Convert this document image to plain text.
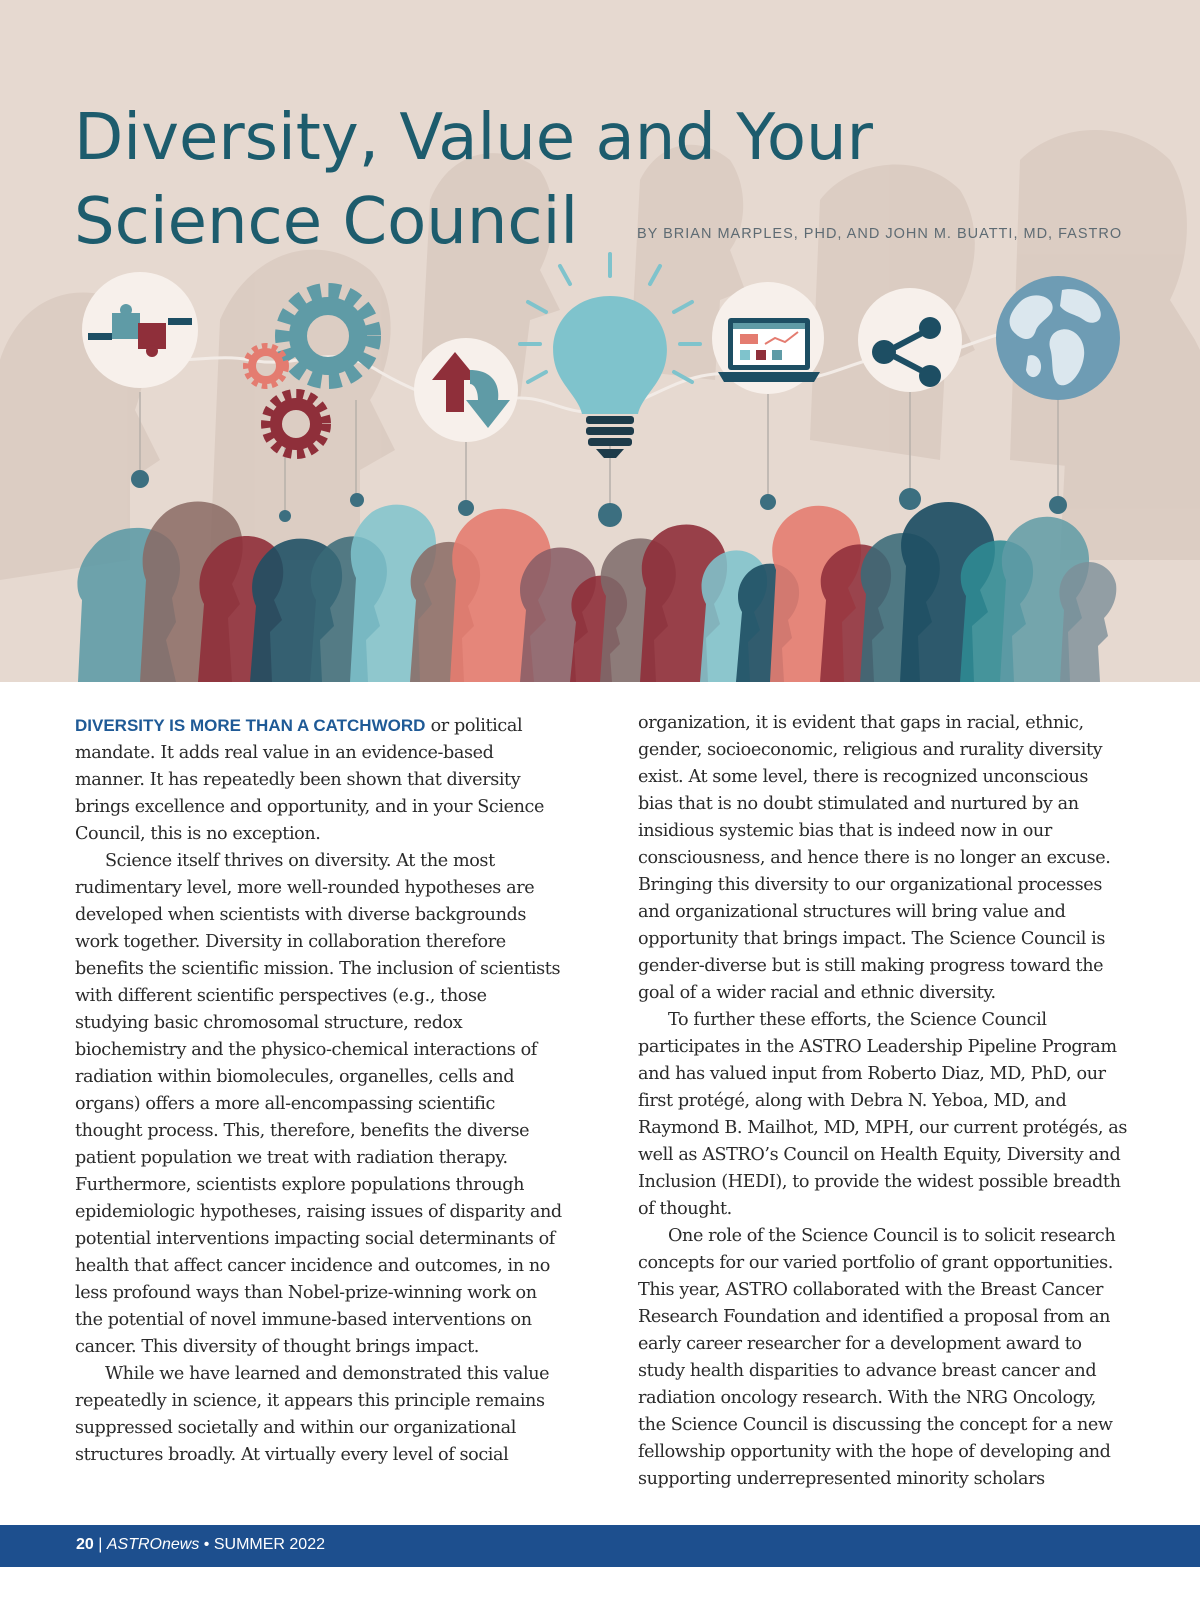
Diversity, Value and Your
Science Council	BY BRIAN MARPLES, PHD, AND JOHN M. BUATTI, MD, FASTRO

DIVERSITY IS MORE THAN A CATCHWORD or political mandate. It adds real value in an evidence-based manner. It has repeatedly been shown that diversity brings excellence and opportunity, and in your Science Council, this is no exception.

Science itself thrives on diversity. At the most rudimentary level, more well-rounded hypotheses are developed when scientists with diverse backgrounds work together. Diversity in collaboration therefore benefits the scientific mission. The inclusion of scientists with different scientific perspectives (e.g., those studying basic chromosomal structure, redox biochemistry and the physico-chemical interactions of radiation within biomolecules, organelles, cells and organs) offers a more all-encompassing scientific thought process. This, therefore, benefits the diverse patient population we treat with radiation therapy. Furthermore, scientists explore populations through epidemiologic hypotheses, raising issues of disparity and potential interventions impacting social determinants of health that affect cancer incidence and outcomes, in no less profound ways than Nobel-prize-winning work on the potential of novel immune-based interventions on cancer. This diversity of thought brings impact.

While we have learned and demonstrated this value repeatedly in science, it appears this principle remains suppressed societally and within our organizational structures broadly. At virtually every level of social

organization, it is evident that gaps in racial, ethnic, gender, socioeconomic, religious and rurality diversity exist. At some level, there is recognized unconscious bias that is no doubt stimulated and nurtured by an insidious systemic bias that is indeed now in our consciousness, and hence there is no longer an excuse. Bringing this diversity to our organizational processes and organizational structures will bring value and opportunity that brings impact. The Science Council is gender-diverse but is still making progress toward the goal of a wider racial and ethnic diversity.

To further these efforts, the Science Council participates in the ASTRO Leadership Pipeline Program and has valued input from Roberto Diaz, MD, PhD, our first protégé, along with Debra N. Yeboa, MD, and Raymond B. Mailhot, MD, MPH, our current protégés, as well as ASTRO’s Council on Health Equity, Diversity and Inclusion (HEDI), to provide the widest possible breadth of thought.

One role of the Science Council is to solicit research concepts for our varied portfolio of grant opportunities. This year, ASTRO collaborated with the Breast Cancer Research Foundation and identified a proposal from an early career researcher for a development award to study health disparities to advance breast cancer and radiation oncology research. With the NRG Oncology, the Science Council is discussing the concept for a new fellowship opportunity with the hope of developing and supporting underrepresented minority scholars

20 | ASTROnews • SUMMER 2022
